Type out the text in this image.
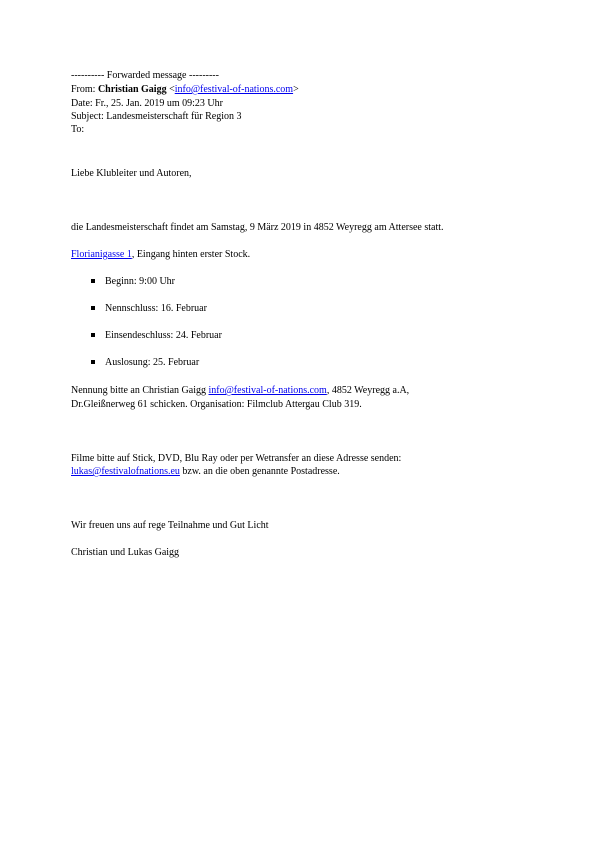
---------- Forwarded message ---------
From: Christian Gaigg <info@festival-of-nations.com>
Date: Fr., 25. Jan. 2019 um 09:23 Uhr
Subject: Landesmeisterschaft für Region 3
To:
Liebe Klubleiter und Autoren,
die Landesmeisterschaft findet am Samstag, 9 März 2019 in 4852 Weyregg am Attersee statt.
Florianigasse 1, Eingang hinten erster Stock.
Beginn: 9:00 Uhr
Nennschluss: 16. Februar
Einsendeschluss: 24. Februar
Auslosung: 25. Februar
Nennung bitte an Christian Gaigg info@festival-of-nations.com, 4852 Weyregg a.A,
Dr.Gleißnerweg 61 schicken. Organisation: Filmclub Attergau Club 319.
Filme bitte auf Stick, DVD, Blu Ray oder per Wetransfer an diese Adresse senden:
lukas@festivalofnations.eu bzw. an die oben genannte Postadresse.
Wir freuen uns auf rege Teilnahme und Gut Licht
Christian und Lukas Gaigg
